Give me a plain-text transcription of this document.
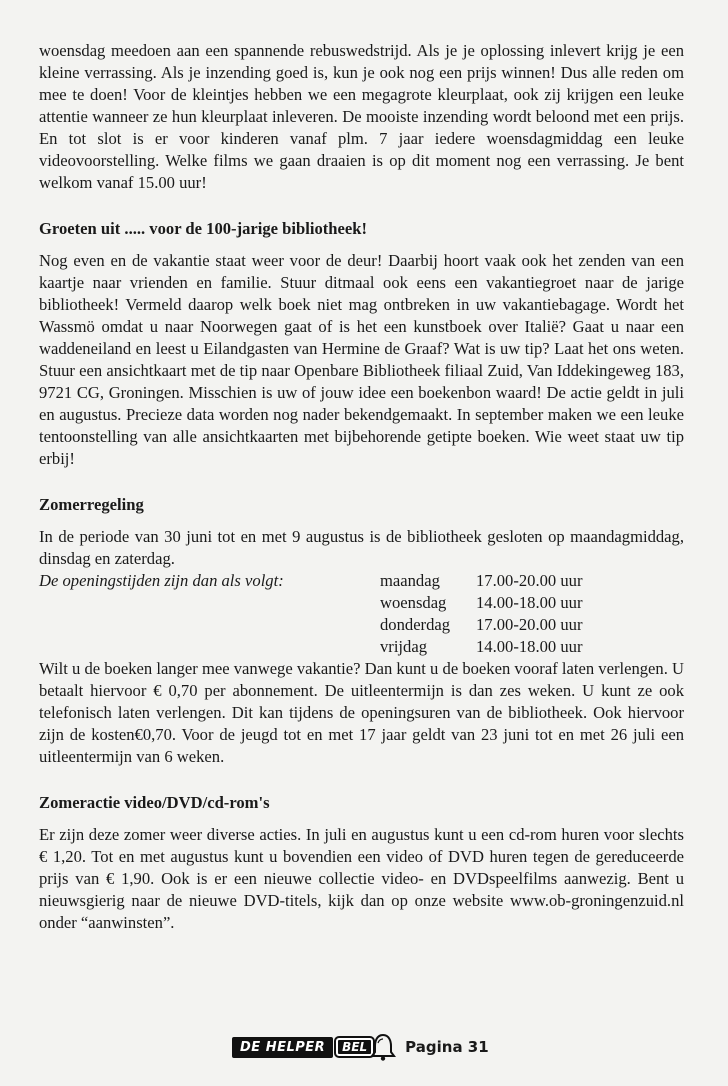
woensdag meedoen aan een spannende rebuswedstrijd. Als je je oplossing inlevert krijg je een kleine verrassing. Als je inzending goed is, kun je ook nog een prijs winnen! Dus alle reden om mee te doen! Voor de kleintjes hebben we een megagrote kleurplaat, ook zij krijgen een leuke attentie wanneer ze hun kleurplaat inleveren. De mooiste inzending wordt beloond met een prijs. En tot slot is er voor kinderen vanaf plm. 7 jaar iedere woensdagmiddag een leuke videovoorstelling. Welke films we gaan draaien is op dit moment nog een verrassing. Je bent welkom vanaf 15.00 uur!

Groeten uit ..... voor de 100-jarige bibliotheek!

Nog even en de vakantie staat weer voor de deur! Daarbij hoort vaak ook het zenden van een kaartje naar vrienden en familie. Stuur ditmaal ook eens een vakantiegroet naar de jarige bibliotheek! Vermeld daarop welk boek niet mag ontbreken in uw vakantiebagage. Wordt het Wassmö omdat u naar Noorwegen gaat of is het een kunstboek over Italië? Gaat u naar een waddeneiland en leest u Eilandgasten van Hermine de Graaf? Wat is uw tip? Laat het ons weten. Stuur een ansichtkaart met de tip naar Openbare Bibliotheek filiaal Zuid, Van Iddekingeweg 183, 9721 CG, Groningen. Misschien is uw of jouw idee een boekenbon waard! De actie geldt in juli en augustus. Precieze data worden nog nader bekendgemaakt. In september maken we een leuke tentoonstelling van alle ansichtkaarten met bijbehorende getipte boeken. Wie weet staat uw tip erbij!

Zomerregeling

In de periode van 30 juni tot en met 9 augustus is de bibliotheek gesloten op maandagmiddag, dinsdag en zaterdag.

De openingstijden zijn dan als volgt:	maandag	17.00-20.00 uur
woensdag	14.00-18.00 uur
donderdag	17.00-20.00 uur
vrijdag	14.00-18.00 uur

Wilt u de boeken langer mee vanwege vakantie? Dan kunt u de boeken vooraf laten verlengen. U betaalt hiervoor € 0,70 per abonnement. De uitleentermijn is dan zes weken. U kunt ze ook telefonisch laten verlengen. Dit kan tijdens de openingsuren van de bibliotheek. Ook hiervoor zijn de kosten€0,70. Voor de jeugd tot en met 17 jaar geldt van 23 juni tot en met 26 juli een uitleentermijn van 6 weken.

Zomeractie video/DVD/cd-rom's

Er zijn deze zomer weer diverse acties. In juli en augustus kunt u een cd-rom huren voor slechts € 1,20. Tot en met augustus kunt u bovendien een video of DVD huren tegen de gereduceerde prijs van € 1,90. Ook is er een nieuwe collectie video- en DVDspeelfilms aanwezig. Bent u nieuwsgierig naar de nieuwe DVD-titels, kijk dan op onze website www.ob-groningenzuid.nl onder “aanwinsten”.

DE HELPER	BEL	Pagina 31
